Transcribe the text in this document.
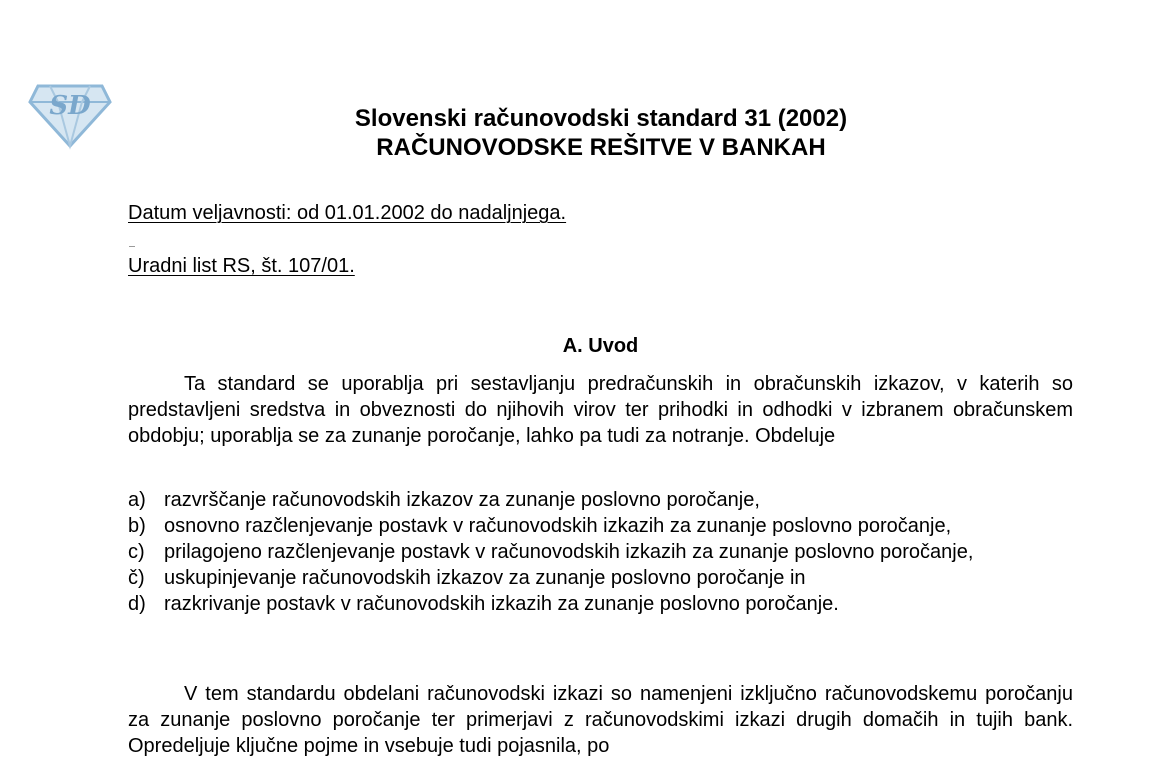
SD	Slovenski računovodski standard 31 (2002)
RAČUNOVODSKE REŠITVE V BANKAH
Datum veljavnosti: od 01.01.2002 do nadaljnjega.
Uradni list RS, št. 107/01.
A. Uvod

Ta standard se uporablja pri sestavljanju predračunskih in obračunskih izkazov, v katerih so predstavljeni sredstva in obveznosti do njihovih virov ter prihodki in odhodki v izbranem obračunskem obdobju; uporablja se za zunanje poročanje, lahko pa tudi za notranje. Obdeluje

a) razvrščanje računovodskih izkazov za zunanje poslovno poročanje,
b) osnovno razčlenjevanje postavk v računovodskih izkazih za zunanje poslovno poročanje,
c) prilagojeno razčlenjevanje postavk v računovodskih izkazih za zunanje poslovno poročanje,
č) uskupinjevanje računovodskih izkazov za zunanje poslovno poročanje in
d) razkrivanje postavk v računovodskih izkazih za zunanje poslovno poročanje.

V tem standardu obdelani računovodski izkazi so namenjeni izključno računovodskemu poročanju za zunanje poslovno poročanje ter primerjavi z računovodskimi izkazi drugih domačih in tujih bank. Opredeljuje ključne pojme in vsebuje tudi pojasnila, po
